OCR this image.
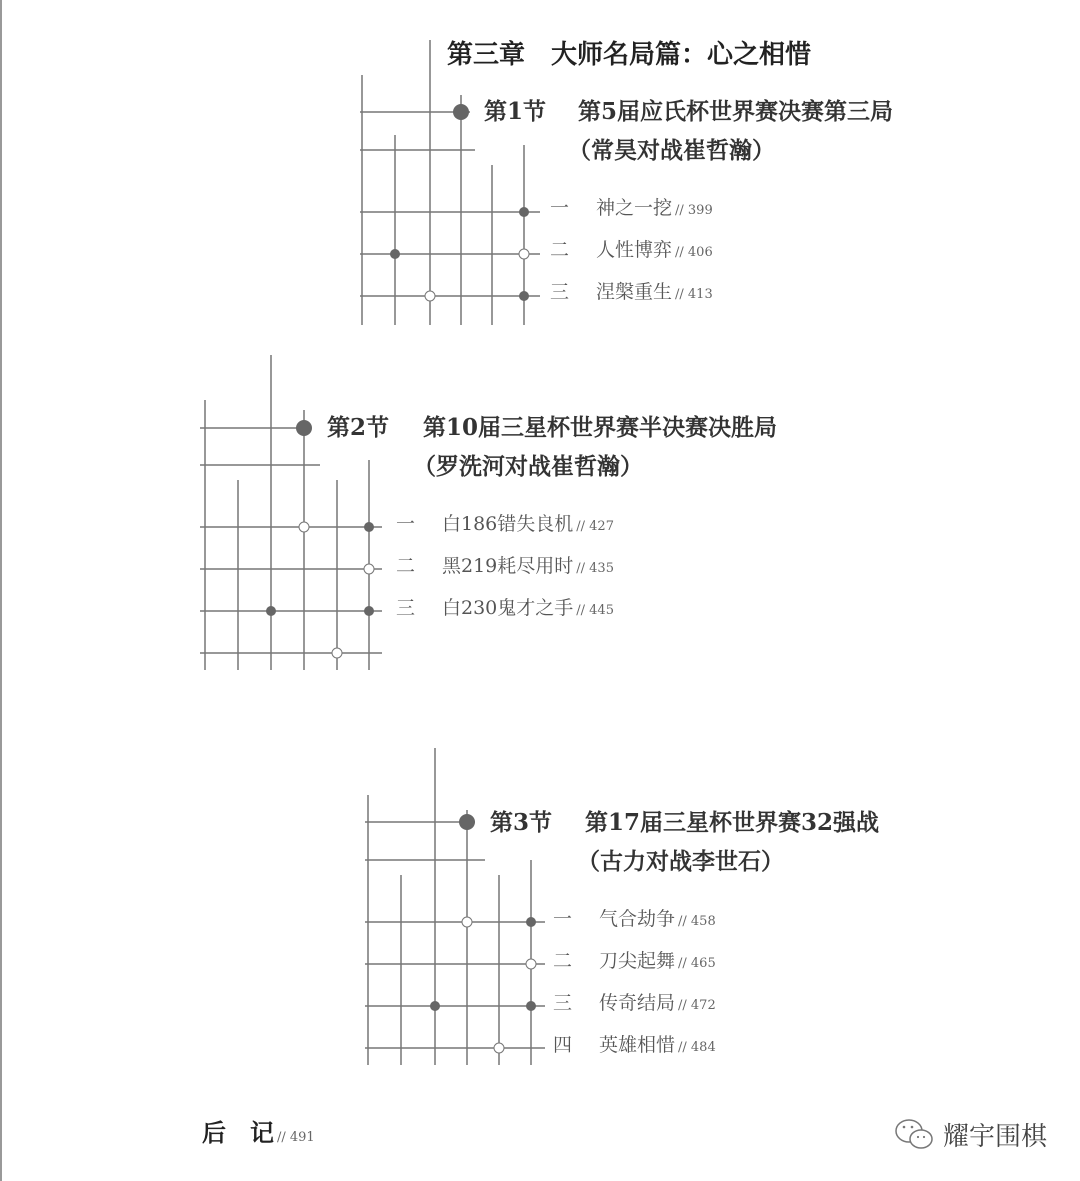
第三章　大师名局篇：心之相惜
第1节 第5届应氏杯世界赛决赛第三局
（常昊对战崔哲瀚）
一 神之一挖 // 399
二 人性博弈 // 406
三 涅槃重生 // 413
第2节 第10届三星杯世界赛半决赛决胜局
（罗洗河对战崔哲瀚）
一 白186错失良机 // 427
二 黑219耗尽用时 // 435
三 白230鬼才之手 // 445
第3节 第17届三星杯世界赛32强战
（古力对战李世石）
一 气合劫争 // 458
二 刀尖起舞 // 465
三 传奇结局 // 472
四 英雄相惜 // 484
后　记 // 491	耀宇围棋
